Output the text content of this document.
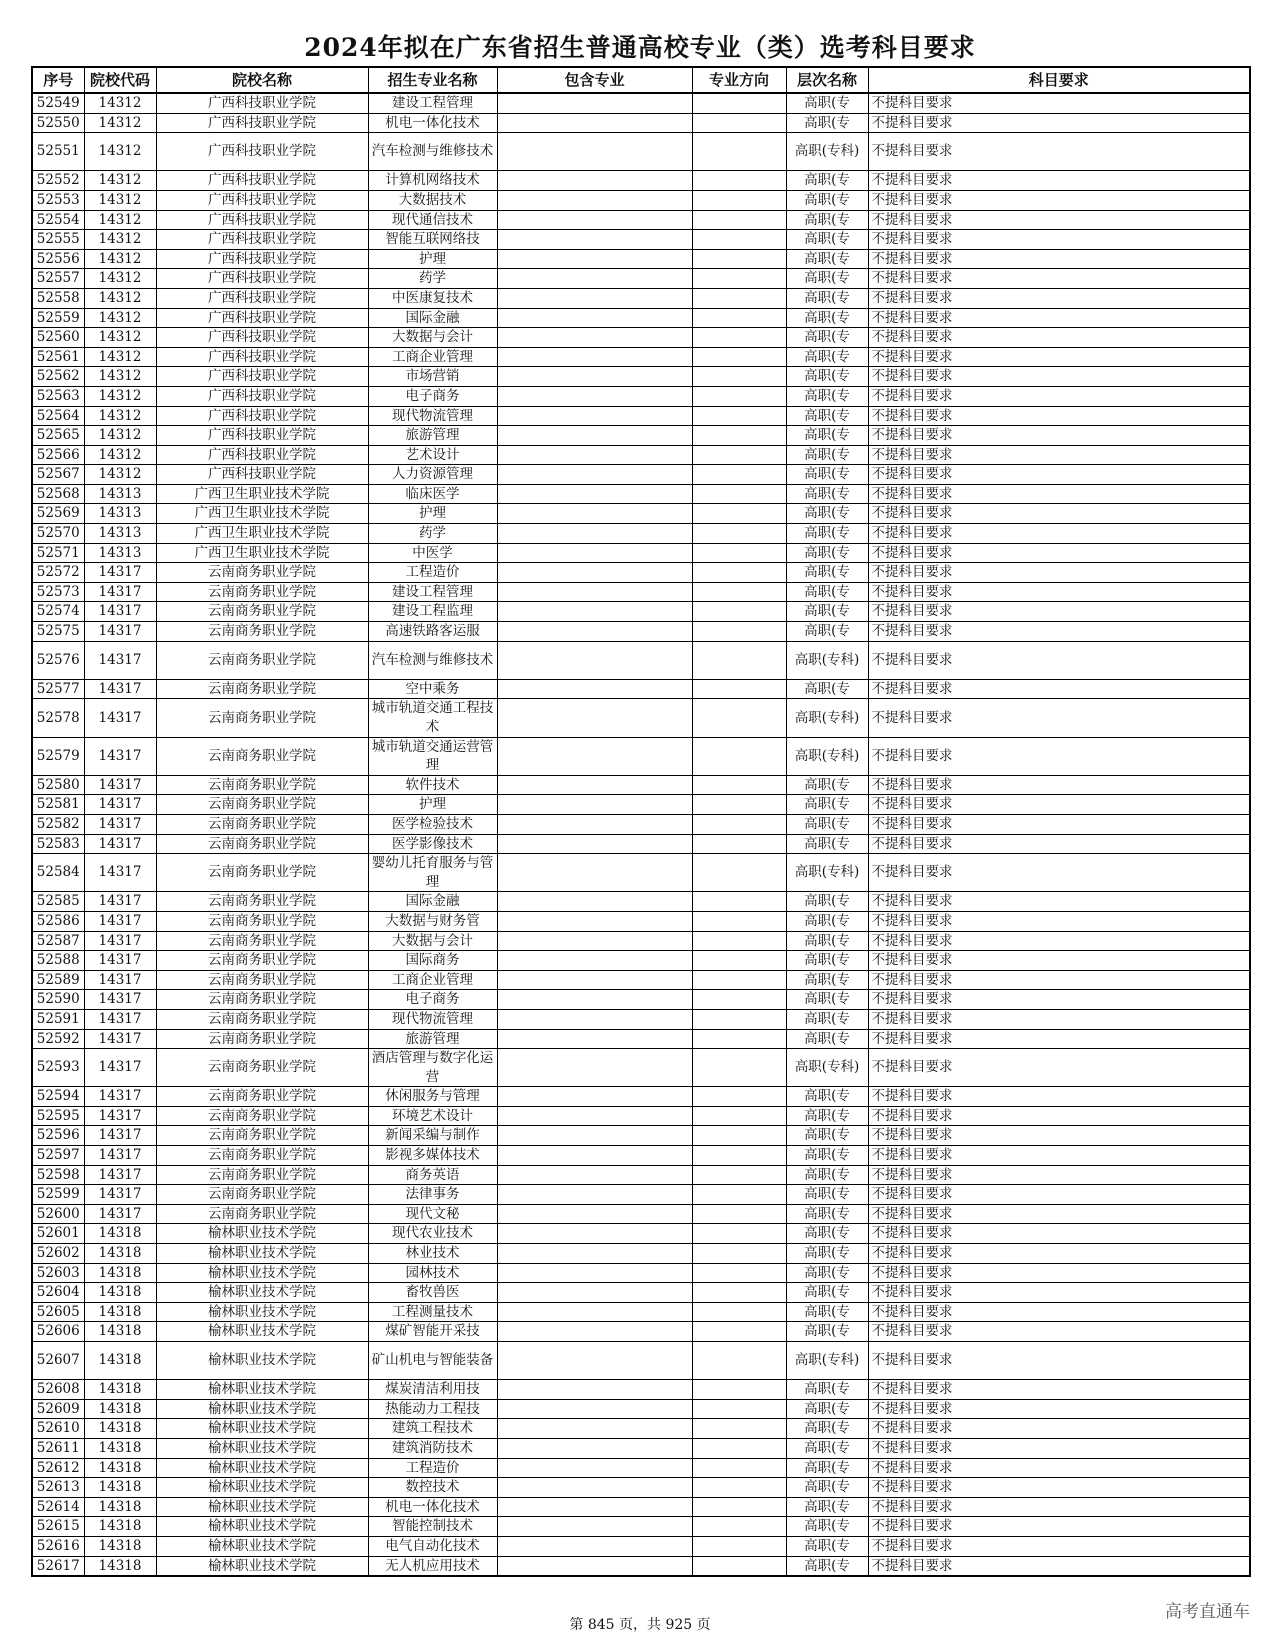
2024年拟在广东省招生普通高校专业（类）选考科目要求
序号	院校代码	院校名称	招生专业名称	包含专业	专业方向	层次名称	科目要求
52549	14312	广西科技职业学院	建设工程管理			高职(专	不提科目要求
52550	14312	广西科技职业学院	机电一体化技术			高职(专	不提科目要求
52551	14312	广西科技职业学院	汽车检测与维修技术			高职(专科)	不提科目要求
52552	14312	广西科技职业学院	计算机网络技术			高职(专	不提科目要求
52553	14312	广西科技职业学院	大数据技术			高职(专	不提科目要求
52554	14312	广西科技职业学院	现代通信技术			高职(专	不提科目要求
52555	14312	广西科技职业学院	智能互联网络技			高职(专	不提科目要求
52556	14312	广西科技职业学院	护理			高职(专	不提科目要求
52557	14312	广西科技职业学院	药学			高职(专	不提科目要求
52558	14312	广西科技职业学院	中医康复技术			高职(专	不提科目要求
52559	14312	广西科技职业学院	国际金融			高职(专	不提科目要求
52560	14312	广西科技职业学院	大数据与会计			高职(专	不提科目要求
52561	14312	广西科技职业学院	工商企业管理			高职(专	不提科目要求
52562	14312	广西科技职业学院	市场营销			高职(专	不提科目要求
52563	14312	广西科技职业学院	电子商务			高职(专	不提科目要求
52564	14312	广西科技职业学院	现代物流管理			高职(专	不提科目要求
52565	14312	广西科技职业学院	旅游管理			高职(专	不提科目要求
52566	14312	广西科技职业学院	艺术设计			高职(专	不提科目要求
52567	14312	广西科技职业学院	人力资源管理			高职(专	不提科目要求
52568	14313	广西卫生职业技术学院	临床医学			高职(专	不提科目要求
52569	14313	广西卫生职业技术学院	护理			高职(专	不提科目要求
52570	14313	广西卫生职业技术学院	药学			高职(专	不提科目要求
52571	14313	广西卫生职业技术学院	中医学			高职(专	不提科目要求
52572	14317	云南商务职业学院	工程造价			高职(专	不提科目要求
52573	14317	云南商务职业学院	建设工程管理			高职(专	不提科目要求
52574	14317	云南商务职业学院	建设工程监理			高职(专	不提科目要求
52575	14317	云南商务职业学院	高速铁路客运服			高职(专	不提科目要求
52576	14317	云南商务职业学院	汽车检测与维修技术			高职(专科)	不提科目要求
52577	14317	云南商务职业学院	空中乘务			高职(专	不提科目要求
52578	14317	云南商务职业学院	城市轨道交通工程技术			高职(专科)	不提科目要求
52579	14317	云南商务职业学院	城市轨道交通运营管理			高职(专科)	不提科目要求
52580	14317	云南商务职业学院	软件技术			高职(专	不提科目要求
52581	14317	云南商务职业学院	护理			高职(专	不提科目要求
52582	14317	云南商务职业学院	医学检验技术			高职(专	不提科目要求
52583	14317	云南商务职业学院	医学影像技术			高职(专	不提科目要求
52584	14317	云南商务职业学院	婴幼儿托育服务与管理			高职(专科)	不提科目要求
52585	14317	云南商务职业学院	国际金融			高职(专	不提科目要求
52586	14317	云南商务职业学院	大数据与财务管			高职(专	不提科目要求
52587	14317	云南商务职业学院	大数据与会计			高职(专	不提科目要求
52588	14317	云南商务职业学院	国际商务			高职(专	不提科目要求
52589	14317	云南商务职业学院	工商企业管理			高职(专	不提科目要求
52590	14317	云南商务职业学院	电子商务			高职(专	不提科目要求
52591	14317	云南商务职业学院	现代物流管理			高职(专	不提科目要求
52592	14317	云南商务职业学院	旅游管理			高职(专	不提科目要求
52593	14317	云南商务职业学院	酒店管理与数字化运营			高职(专科)	不提科目要求
52594	14317	云南商务职业学院	休闲服务与管理			高职(专	不提科目要求
52595	14317	云南商务职业学院	环境艺术设计			高职(专	不提科目要求
52596	14317	云南商务职业学院	新闻采编与制作			高职(专	不提科目要求
52597	14317	云南商务职业学院	影视多媒体技术			高职(专	不提科目要求
52598	14317	云南商务职业学院	商务英语			高职(专	不提科目要求
52599	14317	云南商务职业学院	法律事务			高职(专	不提科目要求
52600	14317	云南商务职业学院	现代文秘			高职(专	不提科目要求
52601	14318	榆林职业技术学院	现代农业技术			高职(专	不提科目要求
52602	14318	榆林职业技术学院	林业技术			高职(专	不提科目要求
52603	14318	榆林职业技术学院	园林技术			高职(专	不提科目要求
52604	14318	榆林职业技术学院	畜牧兽医			高职(专	不提科目要求
52605	14318	榆林职业技术学院	工程测量技术			高职(专	不提科目要求
52606	14318	榆林职业技术学院	煤矿智能开采技			高职(专	不提科目要求
52607	14318	榆林职业技术学院	矿山机电与智能装备			高职(专科)	不提科目要求
52608	14318	榆林职业技术学院	煤炭清洁利用技			高职(专	不提科目要求
52609	14318	榆林职业技术学院	热能动力工程技			高职(专	不提科目要求
52610	14318	榆林职业技术学院	建筑工程技术			高职(专	不提科目要求
52611	14318	榆林职业技术学院	建筑消防技术			高职(专	不提科目要求
52612	14318	榆林职业技术学院	工程造价			高职(专	不提科目要求
52613	14318	榆林职业技术学院	数控技术			高职(专	不提科目要求
52614	14318	榆林职业技术学院	机电一体化技术			高职(专	不提科目要求
52615	14318	榆林职业技术学院	智能控制技术			高职(专	不提科目要求
52616	14318	榆林职业技术学院	电气自动化技术			高职(专	不提科目要求
52617	14318	榆林职业技术学院	无人机应用技术			高职(专	不提科目要求
第 845 页，共 925 页
高考直通车
